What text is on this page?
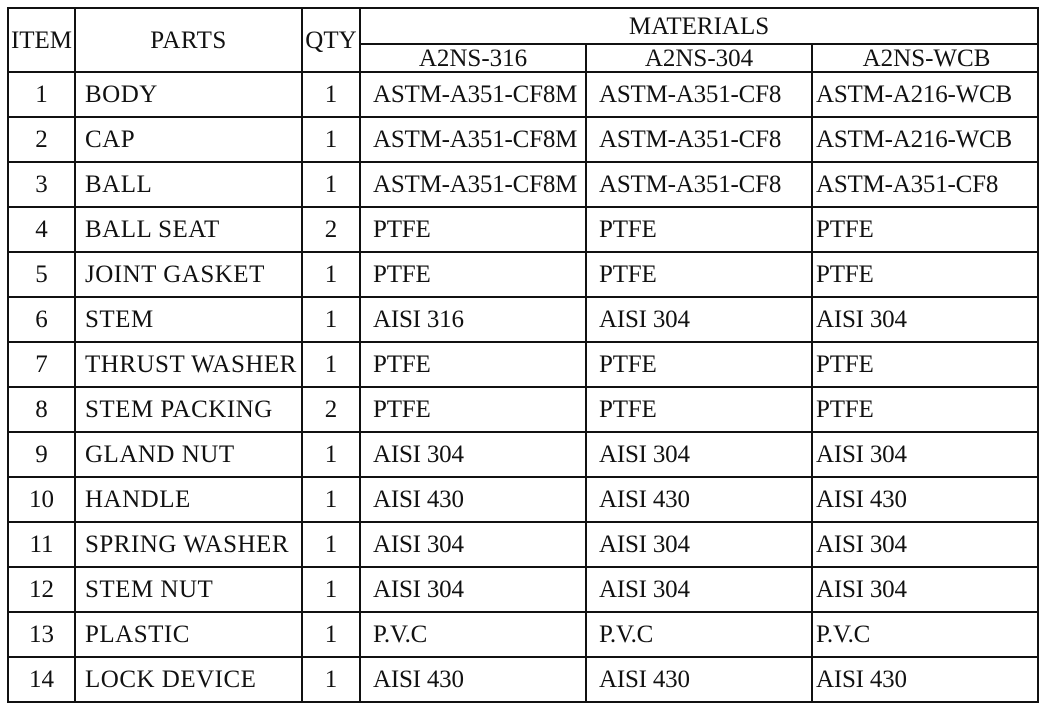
ITEM	PARTS	QTY	MATERIALS		
			A2NS-316	A2NS-304	A2NS-WCB
1	BODY	1	ASTM-A351-CF8M	ASTM-A351-CF8	ASTM-A216-WCB
2	CAP	1	ASTM-A351-CF8M	ASTM-A351-CF8	ASTM-A216-WCB
3	BALL	1	ASTM-A351-CF8M	ASTM-A351-CF8	ASTM-A351-CF8
4	BALL SEAT	2	PTFE	PTFE	PTFE
5	JOINT GASKET	1	PTFE	PTFE	PTFE
6	STEM	1	AISI 316	AISI 304	AISI 304
7	THRUST WASHER	1	PTFE	PTFE	PTFE
8	STEM PACKING	2	PTFE	PTFE	PTFE
9	GLAND NUT	1	AISI 304	AISI 304	AISI 304
10	HANDLE	1	AISI 430	AISI 430	AISI 430
11	SPRING WASHER	1	AISI 304	AISI 304	AISI 304
12	STEM NUT	1	AISI 304	AISI 304	AISI 304
13	PLASTIC	1	P.V.C	P.V.C	P.V.C
14	LOCK DEVICE	1	AISI 430	AISI 430	AISI 430
